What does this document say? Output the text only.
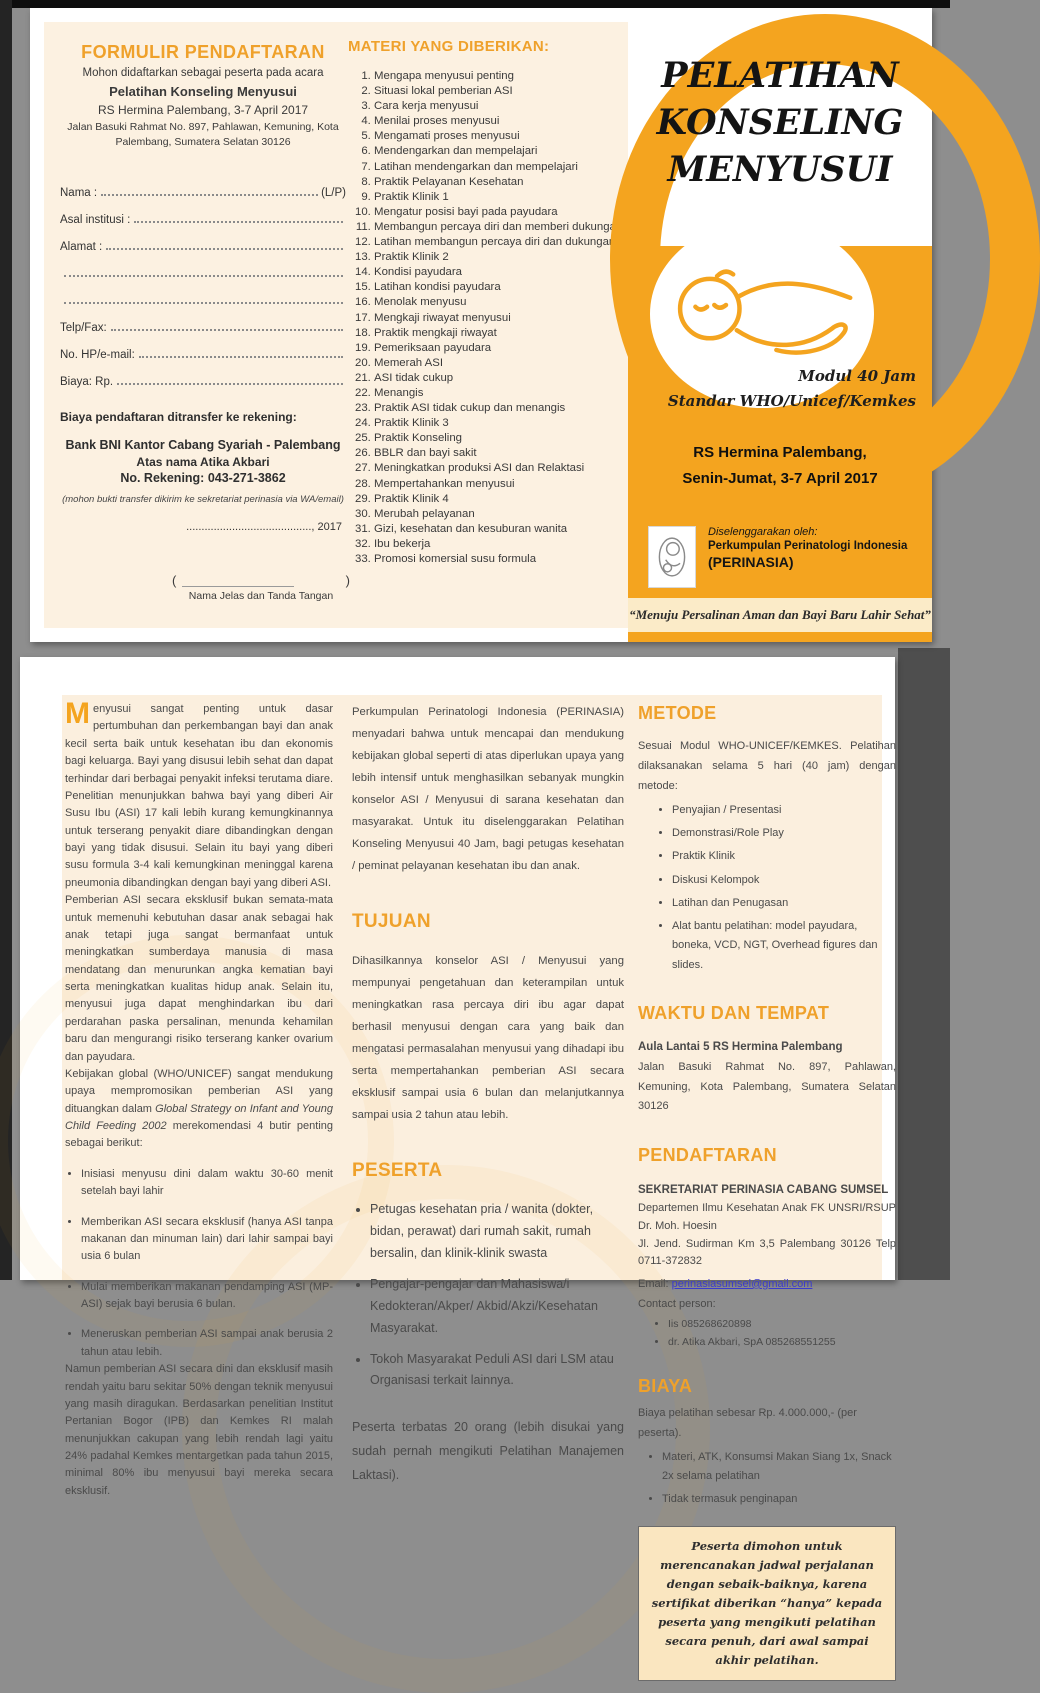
FORMULIR PENDAFTARAN
Mohon didaftarkan sebagai peserta pada acara
Pelatihan Konseling Menyusui
RS Hermina Palembang, 3-7 April 2017
Jalan Basuki Rahmat No. 897, Pahlawan, Kemuning, Kota
Palembang, Sumatera Selatan 30126
Nama :	(L/P)
Asal institusi :
Alamat :
Telp/Fax:
No. HP/e-mail:
Biaya: Rp.
Biaya pendaftaran ditransfer ke rekening:
Bank BNI Kantor Cabang Syariah - Palembang
Atas nama Atika Akbari
No. Rekening: 043-271-3862
(mohon bukti transfer dikirim ke sekretariat perinasia via WA/email)
........................................., 2017
(	)
Nama Jelas dan Tanda Tangan
MATERI YANG DIBERIKAN:
1. Mengapa menyusui penting
2. Situasi lokal pemberian ASI
3. Cara kerja menyusui
4. Menilai proses menyusui
5. Mengamati proses menyusui
6. Mendengarkan dan mempelajari
7. Latihan mendengarkan dan mempelajari
8. Praktik Pelayanan Kesehatan
9. Praktik Klinik 1
10. Mengatur posisi bayi pada payudara
11. Membangun percaya diri dan memberi dukungan
12. Latihan membangun percaya diri dan dukungan
13. Praktik Klinik 2
14. Kondisi payudara
15. Latihan kondisi payudara
16. Menolak menyusu
17. Mengkaji riwayat menyusui
18. Praktik mengkaji riwayat
19. Pemeriksaan payudara
20. Memerah ASI
21. ASI tidak cukup
22. Menangis
23. Praktik ASI tidak cukup dan menangis
24. Praktik Klinik 3
25. Praktik Konseling
26. BBLR dan bayi sakit
27. Meningkatkan produksi ASI dan Relaktasi
28. Mempertahankan menyusui
29. Praktik Klinik 4
30. Merubah pelayanan
31. Gizi, kesehatan dan kesuburan wanita
32. Ibu bekerja
33. Promosi komersial susu formula
PELATIHAN
KONSELING
MENYUSUI
Modul 40 Jam
Standar WHO/Unicef/Kemkes
RS Hermina Palembang,
Senin-Jumat, 3-7 April 2017
Diselenggarakan oleh:
Perkumpulan Perinatologi Indonesia
(PERINASIA)
“Menuju Persalinan Aman dan Bayi Baru Lahir Sehat”

Menyusui sangat penting untuk dasar pertumbuhan dan perkembangan bayi dan anak kecil serta baik untuk kesehatan ibu dan ekonomis bagi keluarga. Bayi yang disusui lebih sehat dan dapat terhindar dari berbagai penyakit infeksi terutama diare. Penelitian menunjukkan bahwa bayi yang diberi Air Susu Ibu (ASI) 17 kali lebih kurang kemungkinannya untuk terserang penyakit diare dibandingkan dengan bayi yang tidak disusui. Selain itu bayi yang diberi susu formula 3-4 kali kemungkinan meninggal karena pneumonia dibandingkan dengan bayi yang diberi ASI.

Pemberian ASI secara eksklusif bukan semata-mata untuk memenuhi kebutuhan dasar anak sebagai hak anak tetapi juga sangat bermanfaat untuk meningkatkan sumberdaya manusia di masa mendatang dan menurunkan angka kematian bayi serta meningkatkan kualitas hidup anak. Selain itu, menyusui juga dapat menghindarkan ibu dari perdarahan paska persalinan, menunda kehamilan baru dan mengurangi risiko terserang kanker ovarium dan payudara.

Kebijakan global (WHO/UNICEF) sangat mendukung upaya mempromosikan pemberian ASI yang dituangkan dalam Global Strategy on Infant and Young Child Feeding 2002 merekomendasi 4 butir penting sebagai berikut:

• Inisiasi menyusu dini dalam waktu 30-60 menit setelah bayi lahir
• Memberikan ASI secara eksklusif (hanya ASI tanpa makanan dan minuman lain) dari lahir sampai bayi usia 6 bulan
• Mulai memberikan makanan pendamping ASI (MP-ASI) sejak bayi berusia 6 bulan.
• Meneruskan pemberian ASI sampai anak berusia 2 tahun atau lebih.

Namun pemberian ASI secara dini dan eksklusif masih rendah yaitu baru sekitar 50% dengan teknik menyusui yang masih diragukan. Berdasarkan penelitian Institut Pertanian Bogor (IPB) dan Kemkes RI malah menunjukkan cakupan yang lebih rendah lagi yaitu 24% padahal Kemkes mentargetkan pada tahun 2015, minimal 80% ibu menyusui bayi mereka secara eksklusif.

Perkumpulan Perinatologi Indonesia (PERINASIA) menyadari bahwa untuk mencapai dan mendukung kebijakan global seperti di atas diperlukan upaya yang lebih intensif untuk menghasilkan sebanyak mungkin konselor ASI / Menyusui di sarana kesehatan dan masyarakat. Untuk itu diselenggarakan Pelatihan Konseling Menyusui 40 Jam, bagi petugas kesehatan / peminat pelayanan kesehatan ibu dan anak.

TUJUAN

Dihasilkannya konselor ASI / Menyusui yang mempunyai pengetahuan dan keterampilan untuk meningkatkan rasa percaya diri ibu agar dapat berhasil menyusui dengan cara yang baik dan mengatasi permasalahan menyusui yang dihadapi ibu serta mempertahankan pemberian ASI secara eksklusif sampai usia 6 bulan dan melanjutkannya sampai usia 2 tahun atau lebih.

PESERTA
• Petugas kesehatan pria / wanita (dokter, bidan, perawat) dari rumah sakit, rumah bersalin, dan klinik-klinik swasta
• Pengajar-pengajar dan Mahasiswa/i Kedokteran/Akper/ Akbid/Akzi/Kesehatan Masyarakat.
• Tokoh Masyarakat Peduli ASI dari LSM atau Organisasi terkait lainnya.

Peserta terbatas 20 orang (lebih disukai yang sudah pernah mengikuti Pelatihan Manajemen Laktasi).

METODE

Sesuai Modul WHO-UNICEF/KEMKES. Pelatihan dilaksanakan selama 5 hari (40 jam) dengan metode:

• Penyajian / Presentasi
• Demonstrasi/Role Play
• Praktik Klinik
• Diskusi Kelompok
• Latihan dan Penugasan
• Alat bantu pelatihan: model payudara, boneka, VCD, NGT, Overhead figures dan slides.
WAKTU DAN TEMPAT
Aula Lantai 5 RS Hermina Palembang

Jalan Basuki Rahmat No. 897, Pahlawan, Kemuning, Kota Palembang, Sumatera Selatan 30126

PENDAFTARAN
SEKRETARIAT PERINASIA CABANG SUMSEL

Departemen Ilmu Kesehatan Anak FK UNSRI/RSUP Dr. Moh. Hoesin

Jl. Jend. Sudirman Km 3,5 Palembang 30126 Telp 0711-372832

Email: perinasiasumsel@gmail.com
Contact person:
• Iis 085268620898
• dr. Atika Akbari, SpA 085268551255
BIAYA
Biaya pelatihan sebesar Rp. 4.000.000,- (per peserta).
• Materi, ATK, Konsumsi Makan Siang 1x, Snack 2x selama pelatihan
• Tidak termasuk penginapan
Peserta dimohon untuk merencanakan jadwal perjalanan dengan sebaik-baiknya, karena sertifikat diberikan “hanya” kepada peserta yang mengikuti pelatihan secara penuh, dari awal sampai akhir pelatihan.
